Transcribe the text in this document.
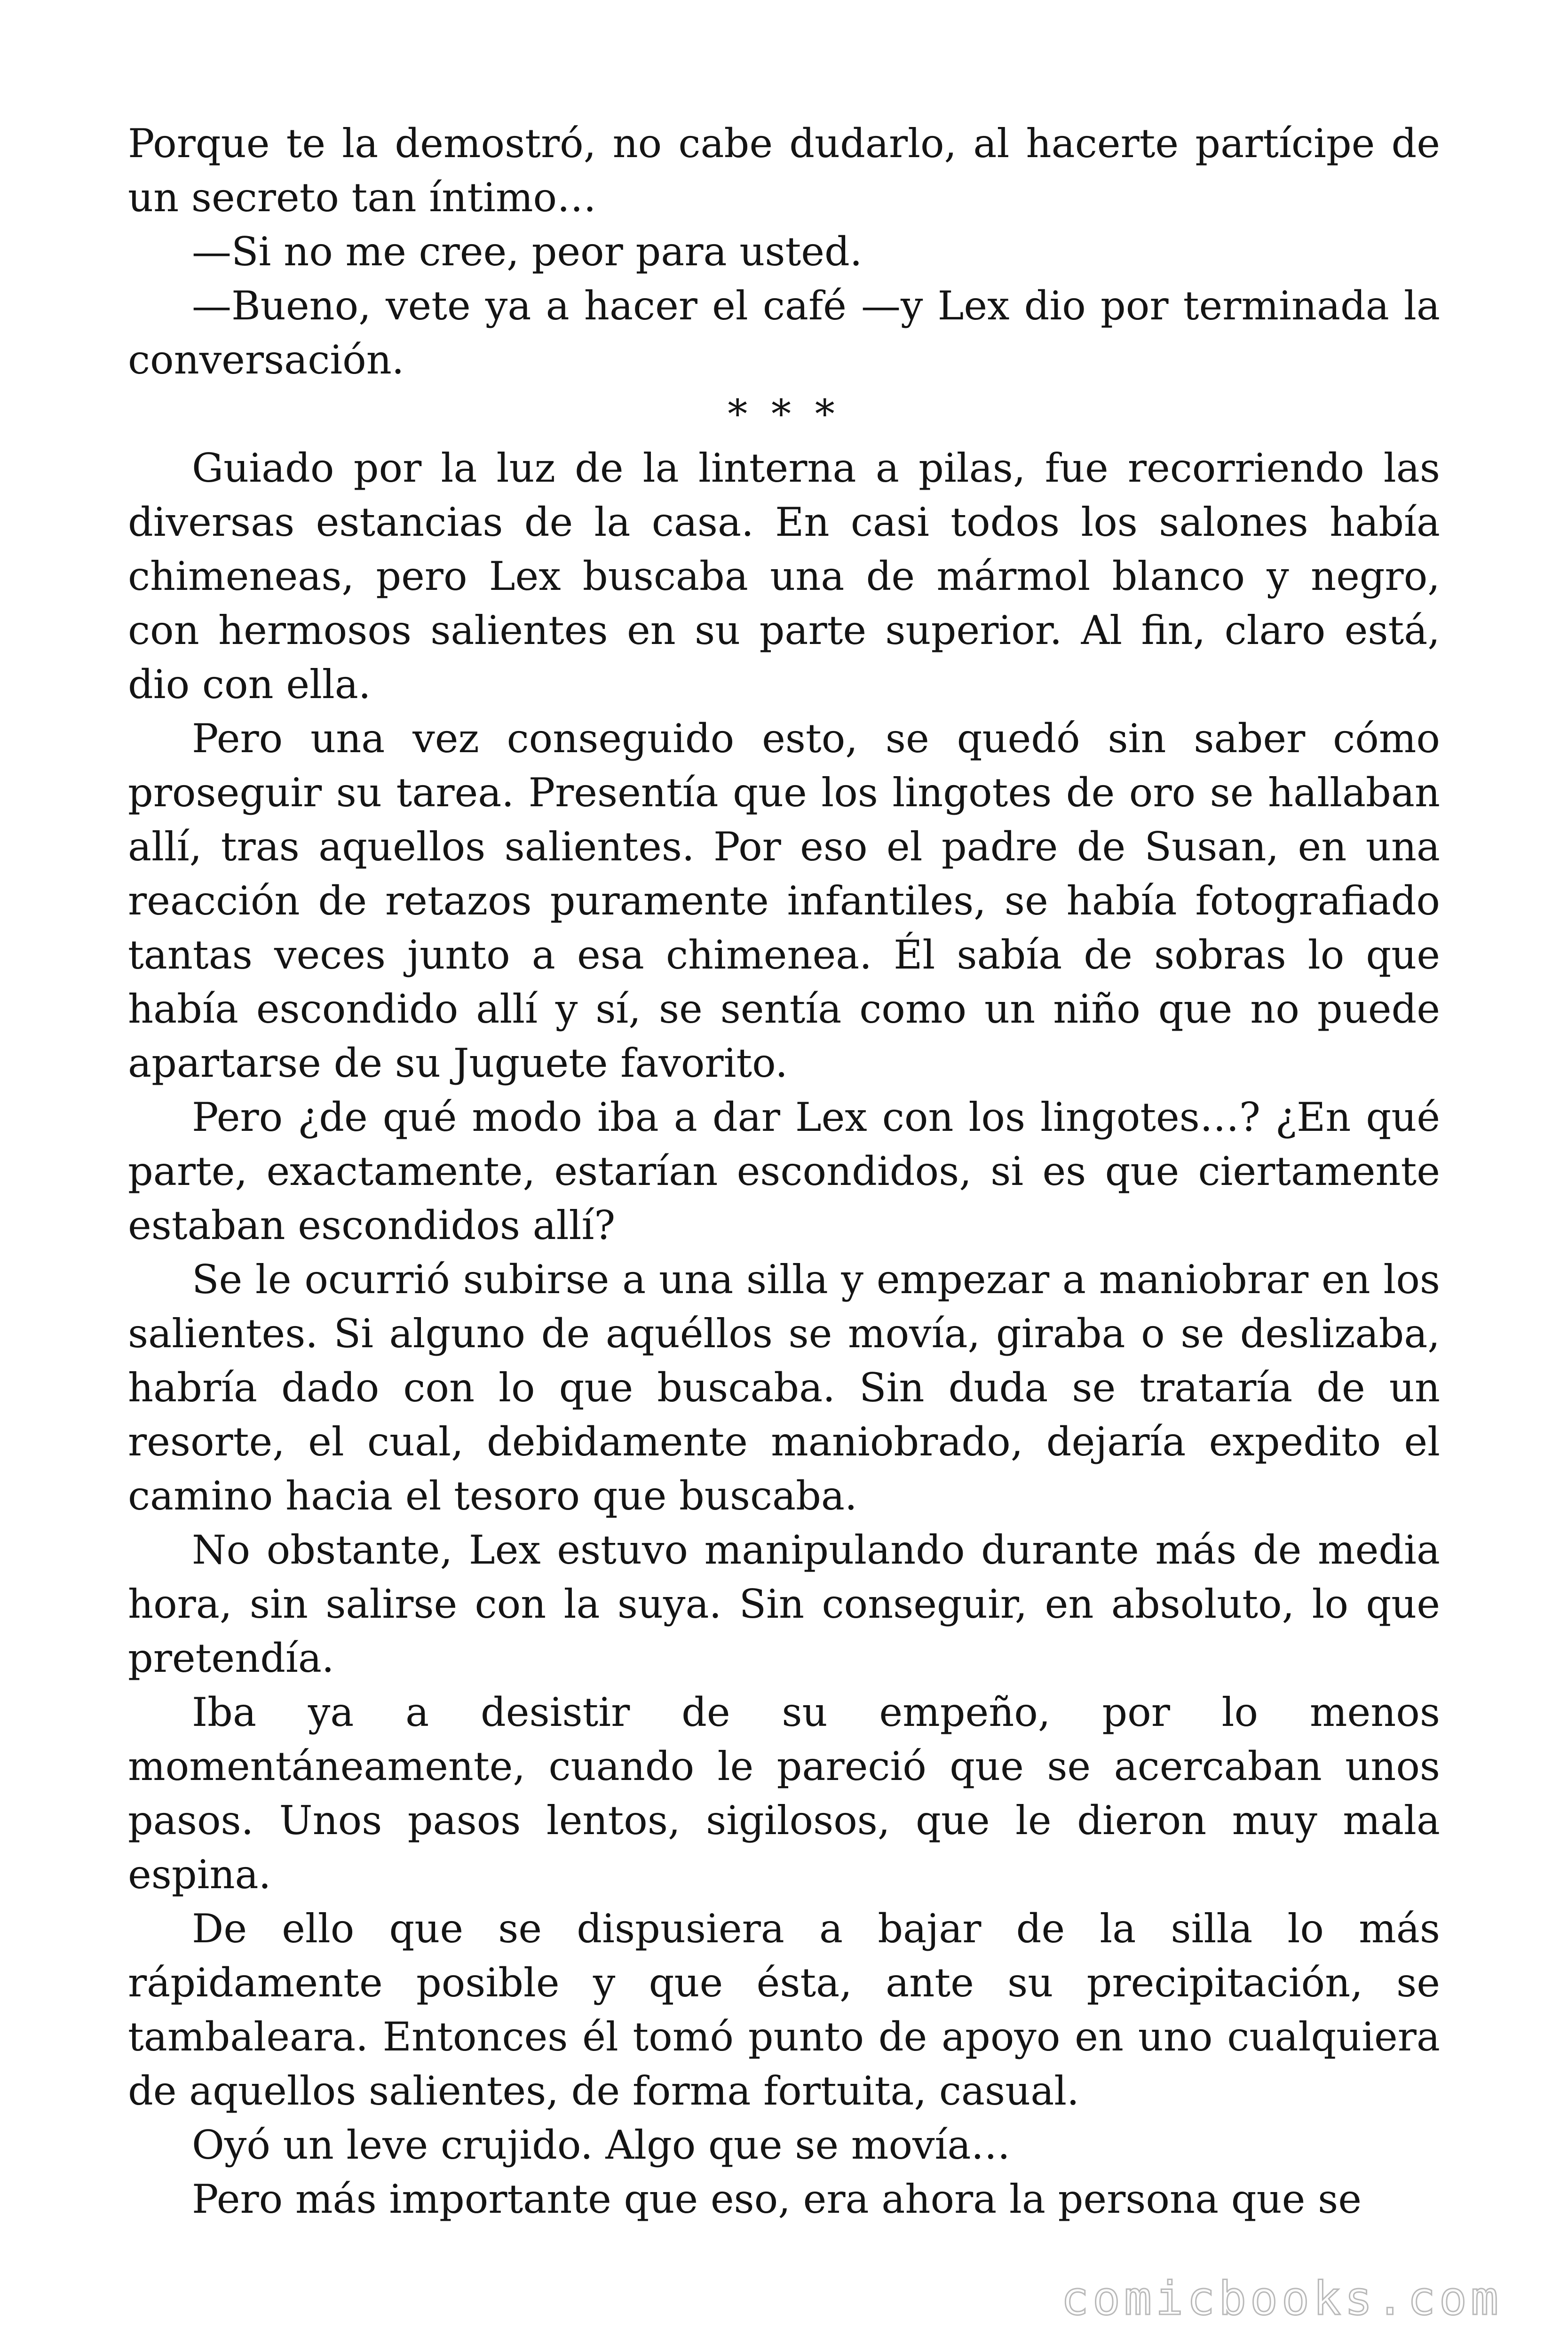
Porque te la demostró, no cabe dudarlo, al hacerte partícipe de un secreto tan íntimo…

—Si no me cree, peor para usted.

—Bueno, vete ya a hacer el café —y Lex dio por terminada la conversación.

* * *

Guiado por la luz de la linterna a pilas, fue recorriendo las diversas estancias de la casa. En casi todos los salones había chimeneas, pero Lex buscaba una de mármol blanco y negro, con hermosos salientes en su parte superior. Al fin, claro está, dio con ella.

Pero una vez conseguido esto, se quedó sin saber cómo proseguir su tarea. Presentía que los lingotes de oro se hallaban allí, tras aquellos salientes. Por eso el padre de Susan, en una reacción de retazos puramente infantiles, se había fotografiado tantas veces junto a esa chimenea. Él sabía de sobras lo que había escondido allí y sí, se sentía como un niño que no puede apartarse de su Juguete favorito.

Pero ¿de qué modo iba a dar Lex con los lingotes…? ¿En qué parte, exactamente, estarían escondidos, si es que ciertamente estaban escondidos allí?

Se le ocurrió subirse a una silla y empezar a maniobrar en los salientes. Si alguno de aquéllos se movía, giraba o se deslizaba, habría dado con lo que buscaba. Sin duda se trataría de un resorte, el cual, debidamente maniobrado, dejaría expedito el camino hacia el tesoro que buscaba.

No obstante, Lex estuvo manipulando durante más de media hora, sin salirse con la suya. Sin conseguir, en absoluto, lo que pretendía.

Iba ya a desistir de su empeño, por lo menos momentáneamente, cuando le pareció que se acercaban unos pasos. Unos pasos lentos, sigilosos, que le dieron muy mala espina.

De ello que se dispusiera a bajar de la silla lo más rápidamente posible y que ésta, ante su precipitación, se tambaleara. Entonces él tomó punto de apoyo en uno cualquiera de aquellos salientes, de forma fortuita, casual.

Oyó un leve crujido. Algo que se movía…

Pero más importante que eso, era ahora la persona que se

comicbooks.com
